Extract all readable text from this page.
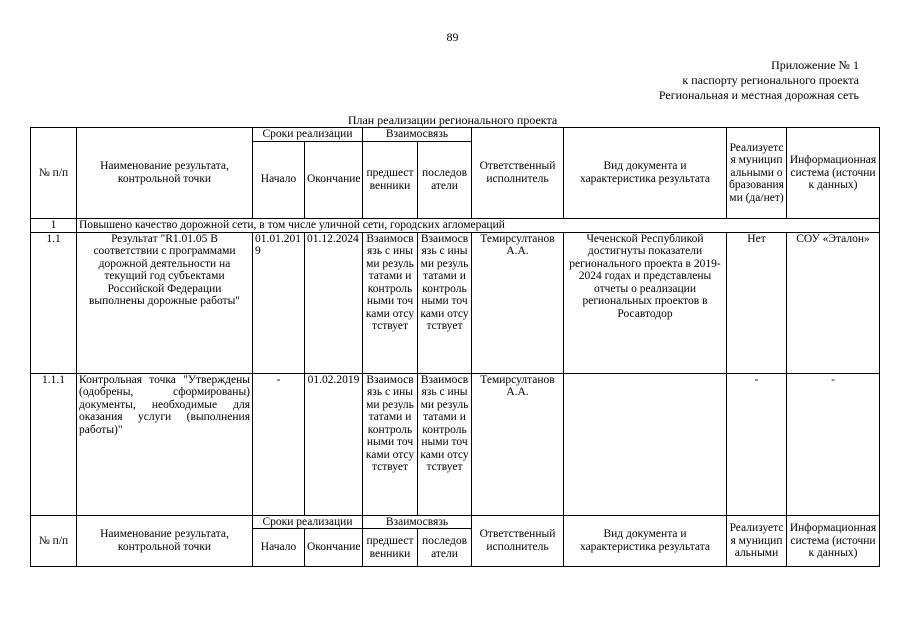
89
Приложение № 1
к паспорту регионального проекта
Региональная и местная дорожная сеть
План реализации регионального проекта
№ п/п	Наименование результата, контрольной точки	Сроки реализации		Взаимосвязь		Ответственный исполнитель	Вид документа и характеристика результата	Реализуется муниципальными образованиями (да/нет)	Информационная система (источник данных)
		Начало	Окончание	предшест венники	последов атели				
1	Повышено качество дорожной сети, в том числе уличной сети, городских агломераций								
1.1	Результат "R1.01.05 В соответствии с программами дорожной деятельности на текущий год субъектами Российской Федерации выполнены дорожные работы"	01.01.2019	01.12.2024	Взаимосвязь с иными результатами и контрольными точками отсутствует	Взаимосвязь с иными результатами и контрольными точками отсутствует	Темирсултанов А.А.	Чеченской Республикой достигнуты показатели регионального проекта в 2019-2024 годах и представлены отчеты о реализации региональных проектов в Росавтодор	Нет	СОУ «Эталон»
1.1.1	Контрольная точка "Утверждены (одобрены, сформированы) документы, необходимые для оказания услуги (выполнения работы)"	-	01.02.2019	Взаимосвязь с иными результатами и контрольными точками отсутствует	Взаимосвязь с иными результатами и контрольными точками отсутствует	Темирсултанов А.А.		-	-
№ п/п	Наименование результата, контрольной точки	Сроки реализации		Взаимосвязь		Ответственный исполнитель	Вид документа и характеристика результата	Реализуется муниципальными	Информационная система (источник данных)
		Начало	Окончание	предшест венники	последов атели				
